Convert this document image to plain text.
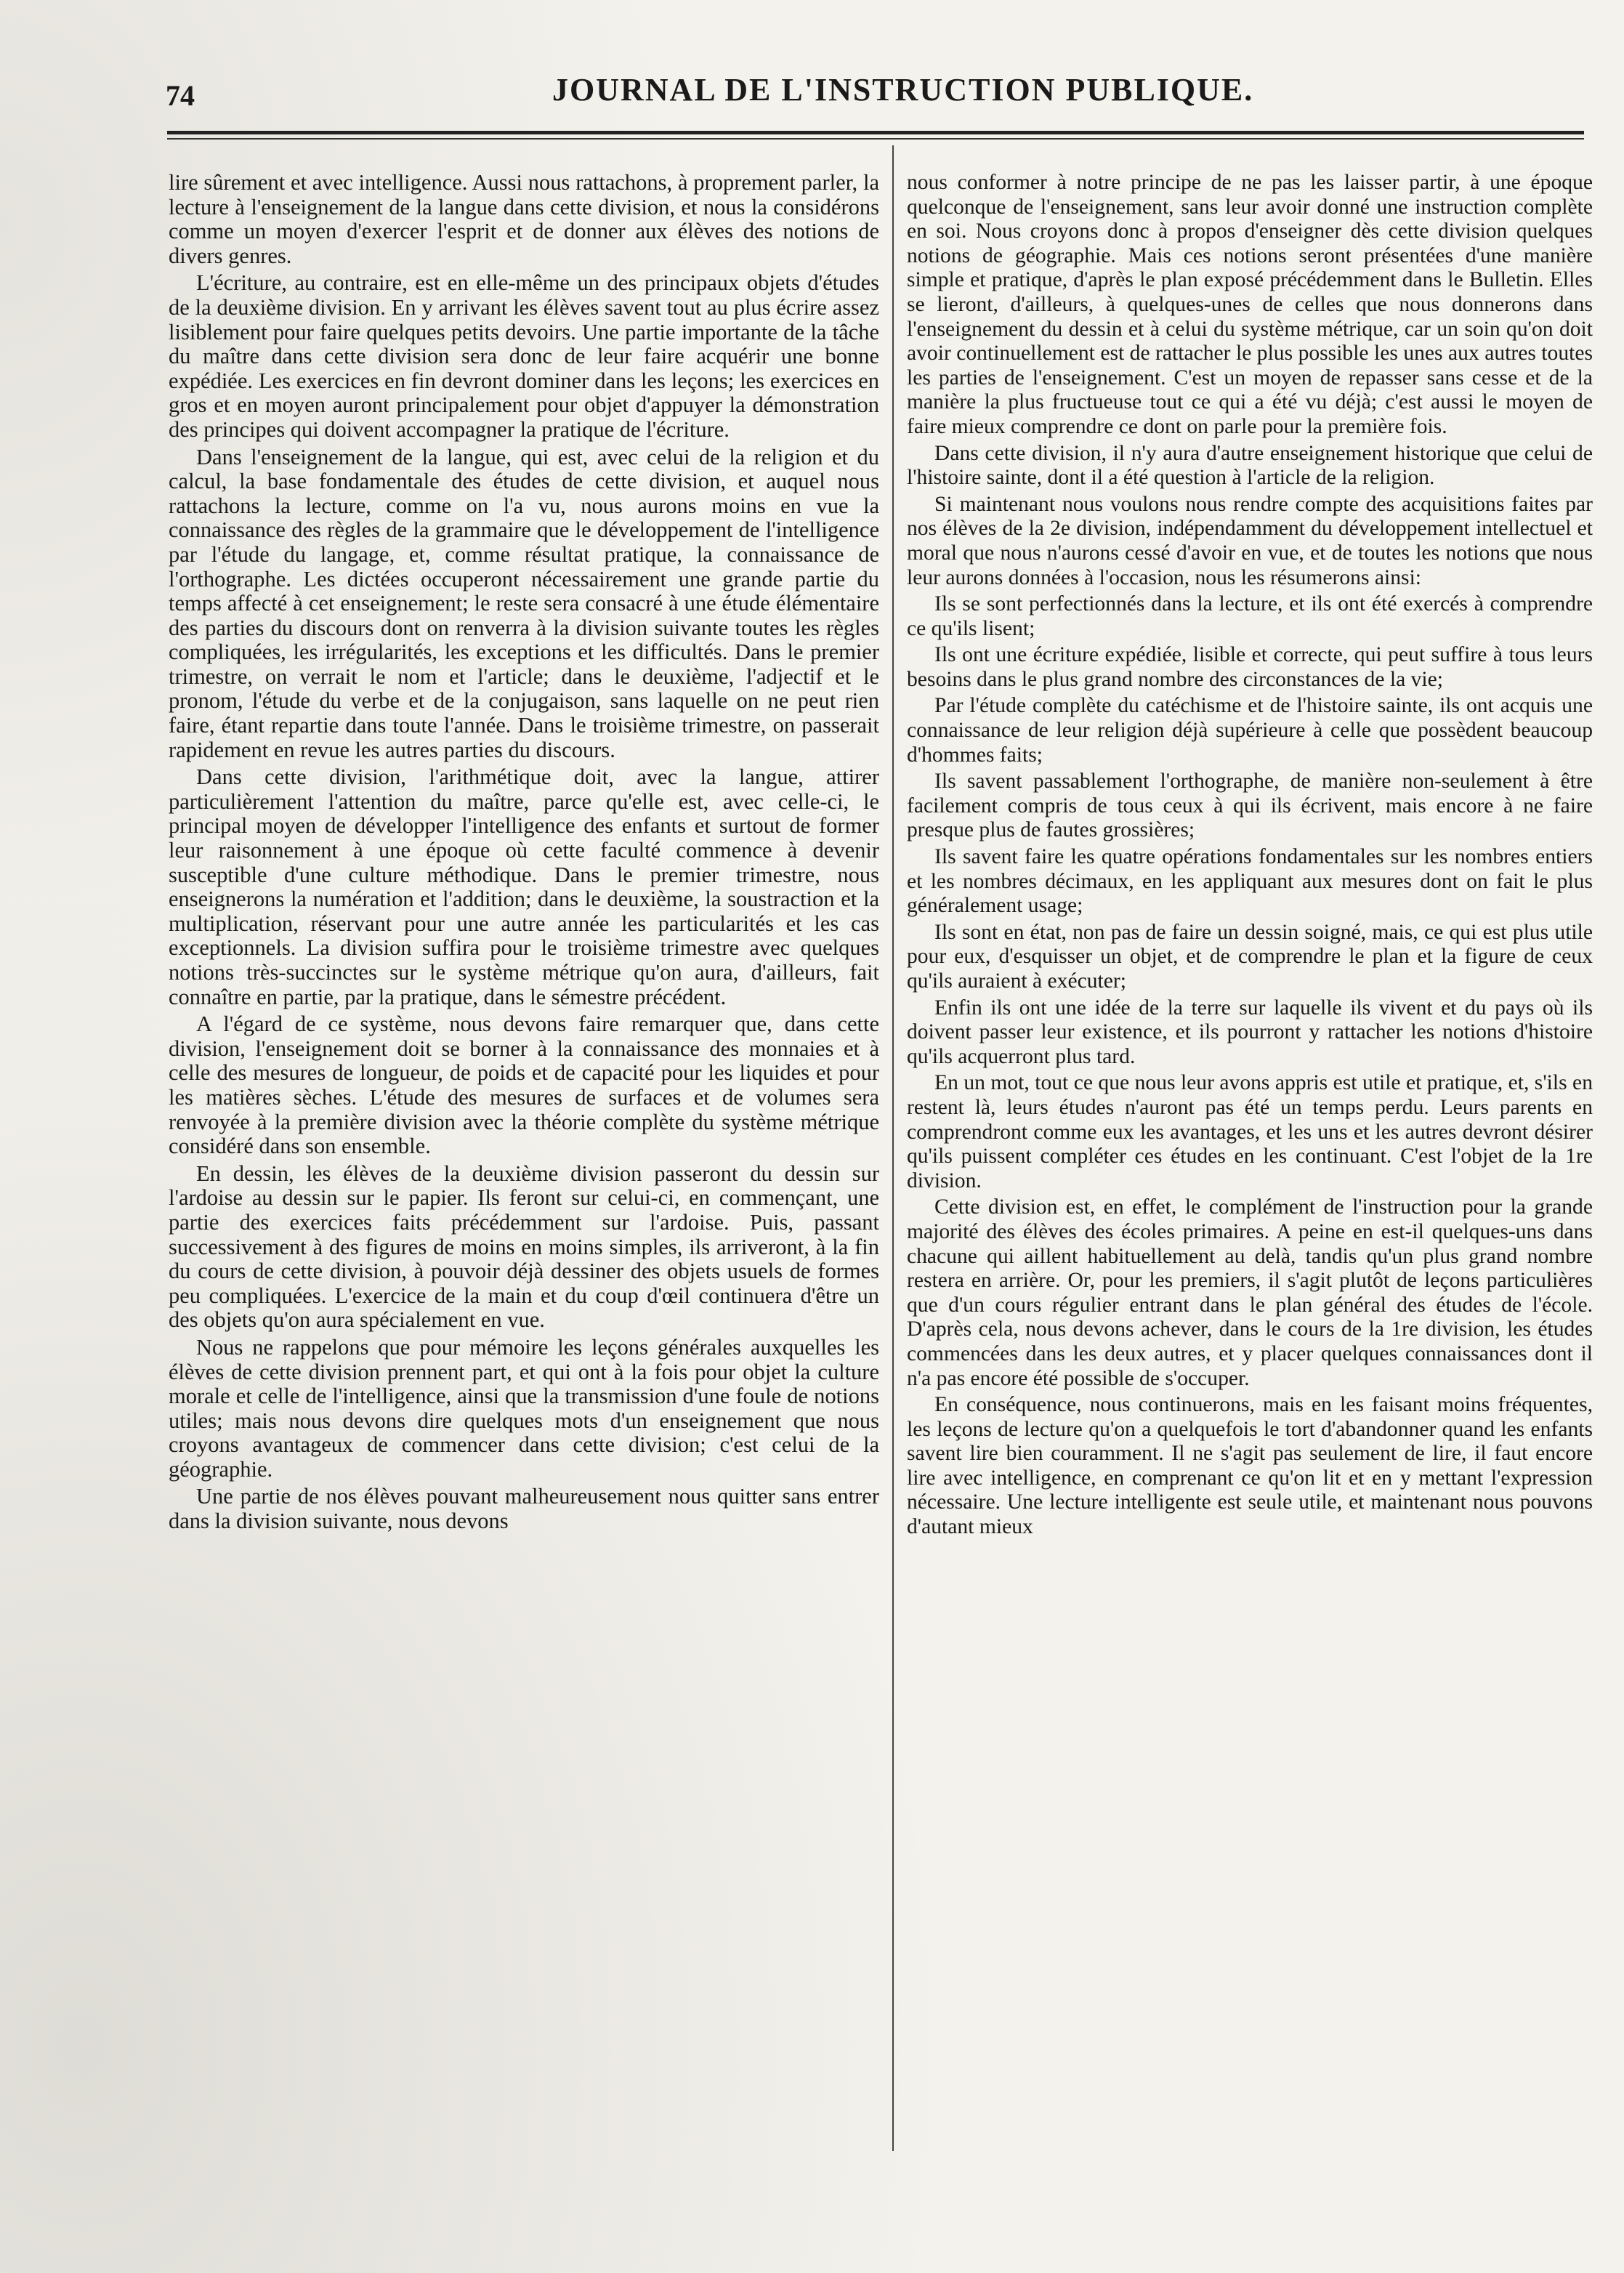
74	JOURNAL DE L'INSTRUCTION PUBLIQUE.

lire sûrement et avec intelligence. Aussi nous rattachons, à proprement parler, la lecture à l'enseignement de la langue dans cette division, et nous la considérons comme un moyen d'exercer l'esprit et de donner aux élèves des notions de divers genres.

L'écriture, au contraire, est en elle-même un des principaux objets d'études de la deuxième division. En y arrivant les élèves savent tout au plus écrire assez lisiblement pour faire quelques petits devoirs. Une partie importante de la tâche du maître dans cette division sera donc de leur faire acquérir une bonne expédiée. Les exercices en fin devront dominer dans les leçons; les exercices en gros et en moyen auront principalement pour objet d'appuyer la démonstration des principes qui doivent accompagner la pratique de l'écriture.

Dans l'enseignement de la langue, qui est, avec celui de la religion et du calcul, la base fondamentale des études de cette division, et auquel nous rattachons la lecture, comme on l'a vu, nous aurons moins en vue la connaissance des règles de la grammaire que le développement de l'intelligence par l'étude du langage, et, comme résultat pratique, la connaissance de l'orthographe. Les dictées occuperont nécessairement une grande partie du temps affecté à cet enseignement; le reste sera consacré à une étude élémentaire des parties du discours dont on renverra à la division suivante toutes les règles compliquées, les irrégularités, les exceptions et les difficultés. Dans le premier trimestre, on verrait le nom et l'article; dans le deuxième, l'adjectif et le pronom, l'étude du verbe et de la conjugaison, sans laquelle on ne peut rien faire, étant repartie dans toute l'année. Dans le troisième trimestre, on passerait rapidement en revue les autres parties du discours.

Dans cette division, l'arithmétique doit, avec la langue, attirer particulièrement l'attention du maître, parce qu'elle est, avec celle-ci, le principal moyen de développer l'intelligence des enfants et surtout de former leur raisonnement à une époque où cette faculté commence à devenir susceptible d'une culture méthodique. Dans le premier trimestre, nous enseignerons la numération et l'addition; dans le deuxième, la soustraction et la multiplication, réservant pour une autre année les particularités et les cas exceptionnels. La division suffira pour le troisième trimestre avec quelques notions très-succinctes sur le système métrique qu'on aura, d'ailleurs, fait connaître en partie, par la pratique, dans le sémestre précédent.

A l'égard de ce système, nous devons faire remarquer que, dans cette division, l'enseignement doit se borner à la connaissance des monnaies et à celle des mesures de longueur, de poids et de capacité pour les liquides et pour les matières sèches. L'étude des mesures de surfaces et de volumes sera renvoyée à la première division avec la théorie complète du système métrique considéré dans son ensemble.

En dessin, les élèves de la deuxième division passeront du dessin sur l'ardoise au dessin sur le papier. Ils feront sur celui-ci, en commençant, une partie des exercices faits précédemment sur l'ardoise. Puis, passant successivement à des figures de moins en moins simples, ils arriveront, à la fin du cours de cette division, à pouvoir déjà dessiner des objets usuels de formes peu compliquées. L'exercice de la main et du coup d'œil continuera d'être un des objets qu'on aura spécialement en vue.

Nous ne rappelons que pour mémoire les leçons générales auxquelles les élèves de cette division prennent part, et qui ont à la fois pour objet la culture morale et celle de l'intelligence, ainsi que la transmission d'une foule de notions utiles; mais nous devons dire quelques mots d'un enseignement que nous croyons avantageux de commencer dans cette division; c'est celui de la géographie.

Une partie de nos élèves pouvant malheureusement nous quitter sans entrer dans la division suivante, nous devons

nous conformer à notre principe de ne pas les laisser partir, à une époque quelconque de l'enseignement, sans leur avoir donné une instruction complète en soi. Nous croyons donc à propos d'enseigner dès cette division quelques notions de géographie. Mais ces notions seront présentées d'une manière simple et pratique, d'après le plan exposé précédemment dans le Bulletin. Elles se lieront, d'ailleurs, à quelques-unes de celles que nous donnerons dans l'enseignement du dessin et à celui du système métrique, car un soin qu'on doit avoir continuellement est de rattacher le plus possible les unes aux autres toutes les parties de l'enseignement. C'est un moyen de repasser sans cesse et de la manière la plus fructueuse tout ce qui a été vu déjà; c'est aussi le moyen de faire mieux comprendre ce dont on parle pour la première fois.

Dans cette division, il n'y aura d'autre enseignement historique que celui de l'histoire sainte, dont il a été question à l'article de la religion.

Si maintenant nous voulons nous rendre compte des acquisitions faites par nos élèves de la 2e division, indépendamment du développement intellectuel et moral que nous n'aurons cessé d'avoir en vue, et de toutes les notions que nous leur aurons données à l'occasion, nous les résumerons ainsi:

Ils se sont perfectionnés dans la lecture, et ils ont été exercés à comprendre ce qu'ils lisent;

Ils ont une écriture expédiée, lisible et correcte, qui peut suffire à tous leurs besoins dans le plus grand nombre des circonstances de la vie;

Par l'étude complète du catéchisme et de l'histoire sainte, ils ont acquis une connaissance de leur religion déjà supérieure à celle que possèdent beaucoup d'hommes faits;

Ils savent passablement l'orthographe, de manière non-seulement à être facilement compris de tous ceux à qui ils écrivent, mais encore à ne faire presque plus de fautes grossières;

Ils savent faire les quatre opérations fondamentales sur les nombres entiers et les nombres décimaux, en les appliquant aux mesures dont on fait le plus généralement usage;

Ils sont en état, non pas de faire un dessin soigné, mais, ce qui est plus utile pour eux, d'esquisser un objet, et de comprendre le plan et la figure de ceux qu'ils auraient à exécuter;

Enfin ils ont une idée de la terre sur laquelle ils vivent et du pays où ils doivent passer leur existence, et ils pourront y rattacher les notions d'histoire qu'ils acquerront plus tard.

En un mot, tout ce que nous leur avons appris est utile et pratique, et, s'ils en restent là, leurs études n'auront pas été un temps perdu. Leurs parents en comprendront comme eux les avantages, et les uns et les autres devront désirer qu'ils puissent compléter ces études en les continuant. C'est l'objet de la 1re division.

Cette division est, en effet, le complément de l'instruction pour la grande majorité des élèves des écoles primaires. A peine en est-il quelques-uns dans chacune qui aillent habituellement au delà, tandis qu'un plus grand nombre restera en arrière. Or, pour les premiers, il s'agit plutôt de leçons particulières que d'un cours régulier entrant dans le plan général des études de l'école. D'après cela, nous devons achever, dans le cours de la 1re division, les études commencées dans les deux autres, et y placer quelques connaissances dont il n'a pas encore été possible de s'occuper.

En conséquence, nous continuerons, mais en les faisant moins fréquentes, les leçons de lecture qu'on a quelquefois le tort d'abandonner quand les enfants savent lire bien couramment. Il ne s'agit pas seulement de lire, il faut encore lire avec intelligence, en comprenant ce qu'on lit et en y mettant l'expression nécessaire. Une lecture intelligente est seule utile, et maintenant nous pouvons d'autant mieux
